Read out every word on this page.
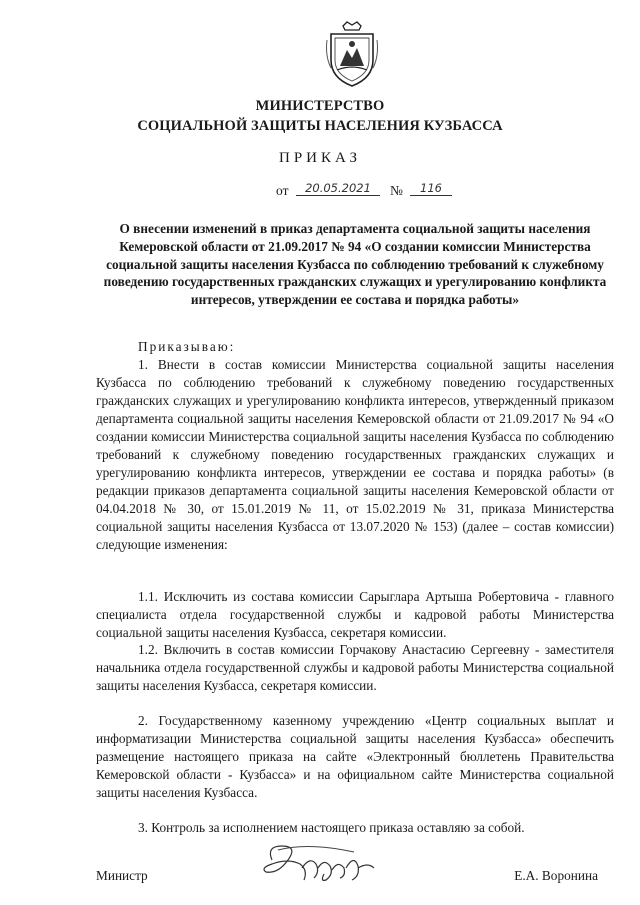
МИНИСТЕРСТВО
СОЦИАЛЬНОЙ ЗАЩИТЫ НАСЕЛЕНИЯ КУЗБАССА
ПРИКАЗ
от	20.05.2021	№	116
О внесении изменений в приказ департамента социальной защиты населения Кемеровской области от 21.09.2017 № 94 «О создании комиссии Министерства социальной защиты населения Кузбасса по соблюдению требований к служебному поведению государственных гражданских служащих и урегулированию конфликта интересов, утверждении ее состава и порядка работы»
Приказываю:
1. Внести в состав комиссии Министерства социальной защиты населения Кузбасса по соблюдению требований к служебному поведению государственных гражданских служащих и урегулированию конфликта интересов, утвержденный приказом департамента социальной защиты населения Кемеровской области от 21.09.2017 № 94 «О создании комиссии Министерства социальной защиты населения Кузбасса по соблюдению требований к служебному поведению государственных гражданских служащих и урегулированию конфликта интересов, утверждении ее состава и порядка работы» (в редакции приказов департамента социальной защиты населения Кемеровской области от 04.04.2018 № 30, от 15.01.2019 № 11, от 15.02.2019 № 31, приказа Министерства социальной защиты населения Кузбасса от 13.07.2020 № 153) (далее – состав комиссии) следующие изменения:
1.1. Исключить из состава комиссии Сарыглара Артыша Робертовича - главного специалиста отдела государственной службы и кадровой работы Министерства социальной защиты населения Кузбасса, секретаря комиссии.
1.2. Включить в состав комиссии Горчакову Анастасию Сергеевну - заместителя начальника отдела государственной службы и кадровой работы Министерства социальной защиты населения Кузбасса, секретаря комиссии.
2. Государственному казенному учреждению «Центр социальных выплат и информатизации Министерства социальной защиты населения Кузбасса» обеспечить размещение настоящего приказа на сайте «Электронный бюллетень Правительства Кемеровской области - Кузбасса» и на официальном сайте Министерства социальной защиты населения Кузбасса.
3. Контроль за исполнением настоящего приказа оставляю за собой.
Министр	Е.А. Воронина
